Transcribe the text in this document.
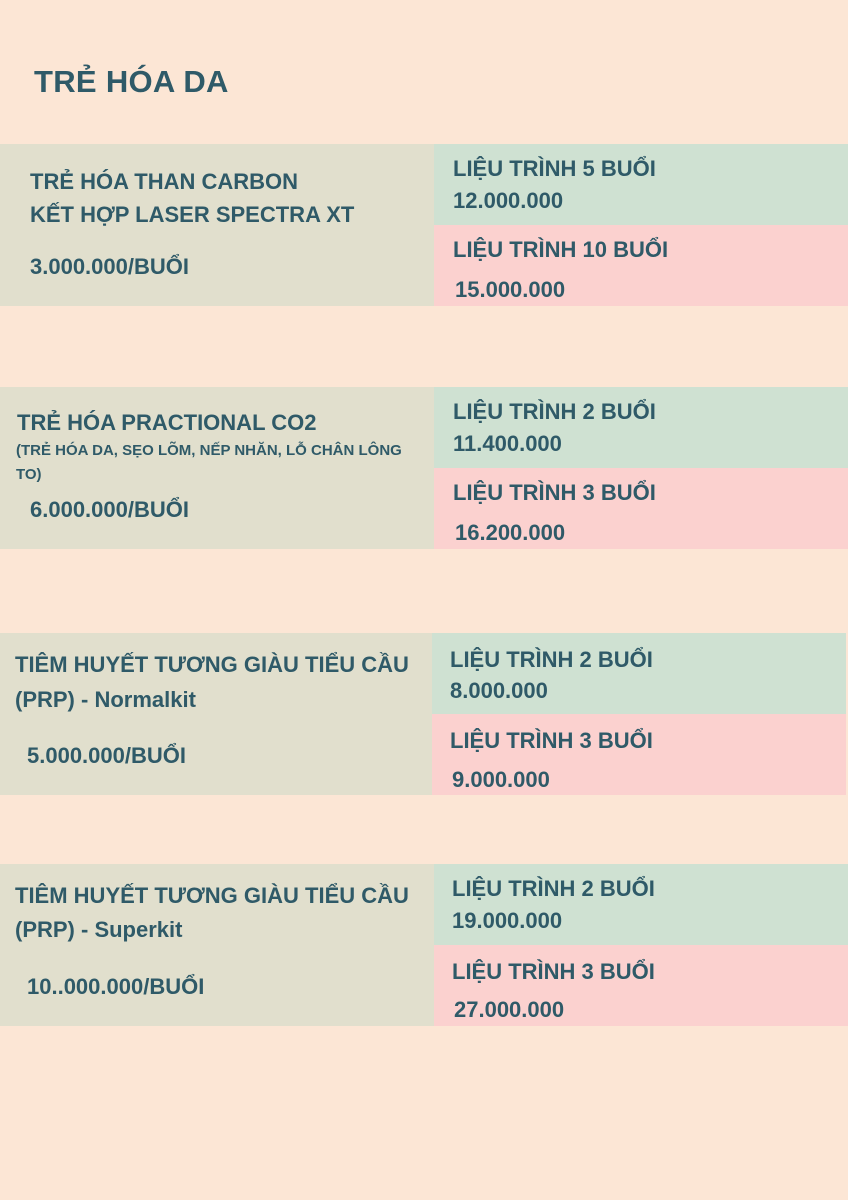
TRẺ HÓA DA
TRẺ HÓA THAN CARBON
KẾT HỢP LASER SPECTRA XT
3.000.000/BUỔI
LIỆU TRÌNH 5 BUỔI
12.000.000
LIỆU TRÌNH 10 BUỔI
15.000.000
TRẺ HÓA PRACTIONAL CO2
(TRẺ HÓA DA, SẸO LÕM, NẾP NHĂN, LỖ CHÂN LÔNG TO)
6.000.000/BUỔI
LIỆU TRÌNH 2 BUỔI
11.400.000
LIỆU TRÌNH 3 BUỔI
16.200.000
TIÊM HUYẾT TƯƠNG GIÀU TIỂU CẦU
(PRP) - Normalkit
5.000.000/BUỔI
LIỆU TRÌNH 2 BUỔI
8.000.000
LIỆU TRÌNH 3 BUỔI
9.000.000
TIÊM HUYẾT TƯƠNG GIÀU TIỂU CẦU
(PRP) - Superkit
10..000.000/BUỔI
LIỆU TRÌNH 2 BUỔI
19.000.000
LIỆU TRÌNH 3 BUỔI
27.000.000
